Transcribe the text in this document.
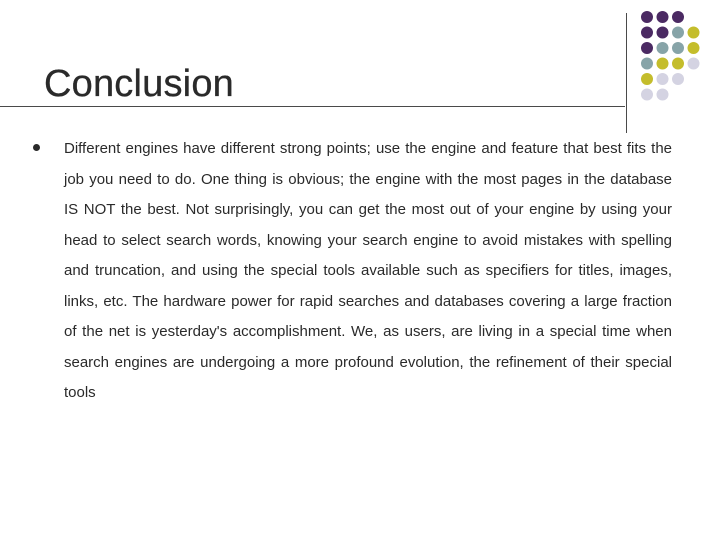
Conclusion

Different engines have different strong points; use the engine and feature that best fits the job you need to do. One thing is obvious; the engine with the most pages in the database IS NOT the best. Not surprisingly, you can get the most out of your engine by using your head to select search words, knowing your search engine to avoid mistakes with spelling and truncation, and using the special tools available such as specifiers for titles, images, links, etc. The hardware power for rapid searches and databases covering a large fraction of the net is yesterday's accomplishment. We, as users, are living in a special time when search engines are undergoing a more profound evolution, the refinement of their special tools
